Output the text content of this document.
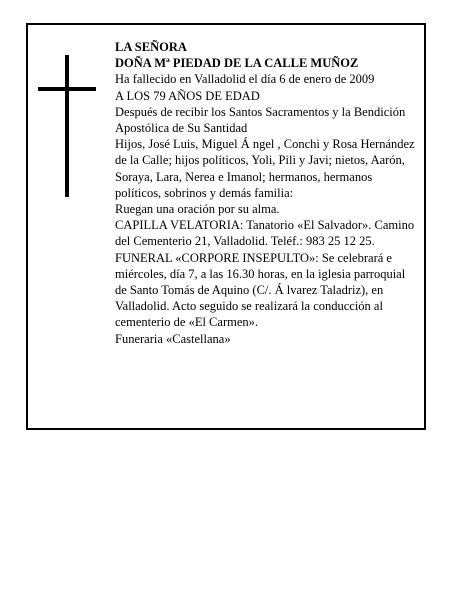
LA SEÑORA

DOÑA Mª PIEDAD DE LA CALLE MUÑOZ

Ha fallecido en Valladolid el día 6 de enero de 2009

A LOS 79 AÑOS DE EDAD

Después de recibir los Santos Sacramentos y la Bendición Apostólica de Su Santidad

Hijos, José Luis, Miguel Á ngel , Conchi y Rosa Hernández de la Calle; hijos políticos, Yoli, Pili y Javi; nietos, Aarón, Soraya, Lara, Nerea e Imanol; hermanos, hermanos políticos, sobrinos y demás familia:

Ruegan una oración por su alma.

CAPILLA VELATORIA: Tanatorio «El Salvador». Camino del Cementerio 21, Valladolid. Teléf.: 983 25 12 25.

FUNERAL «CORPORE INSEPULTO»: Se celebrará e miércoles, día 7, a las 16.30 horas, en la iglesia parroquial de Santo Tomás de Aquino (C/. Á lvarez Taladriz), en Valladolid. Acto seguido se realizará la conducción al cementerio de «El Carmen».

Funeraria «Castellana»
